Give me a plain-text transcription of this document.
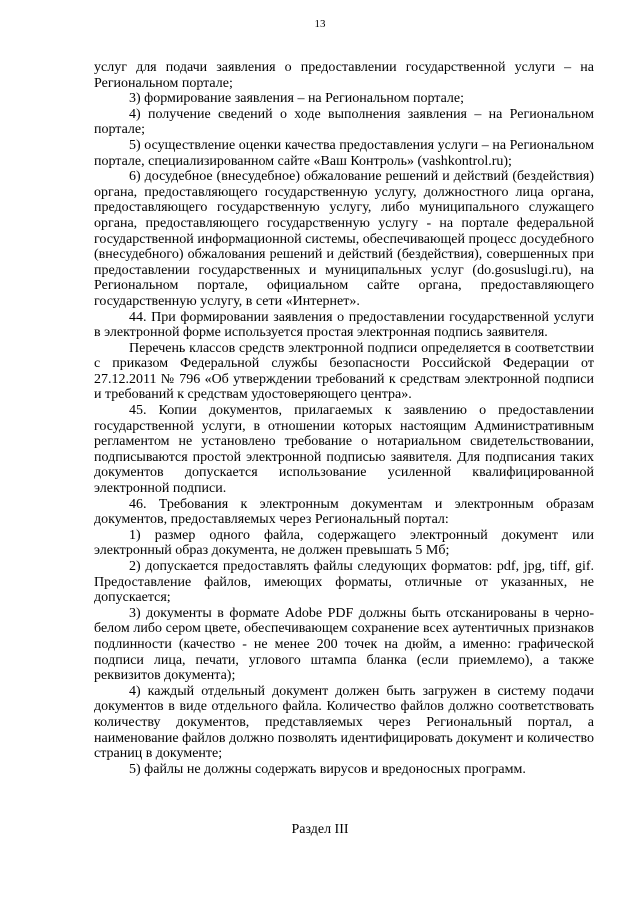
13

услуг для подачи заявления о предоставлении государственной услуги – на Региональном портале;

3) формирование заявления – на Региональном портале;

4) получение сведений о ходе выполнения заявления – на Региональном портале;

5) осуществление оценки качества предоставления услуги – на Региональном портале, специализированном сайте «Ваш Контроль» (vashkontrol.ru);

6) досудебное (внесудебное) обжалование решений и действий (бездействия) органа, предоставляющего государственную услугу, должностного лица органа, предоставляющего государственную услугу, либо муниципального служащего органа, предоставляющего государственную услугу - на портале федеральной государственной информационной системы, обеспечивающей процесс досудебного (внесудебного) обжалования решений и действий (бездействия), совершенных при предоставлении государственных и муниципальных услуг (do.gosuslugi.ru), на Региональном портале, официальном сайте органа, предоставляющего государственную услугу, в сети «Интернет».

44. При формировании заявления о предоставлении государственной услуги в электронной форме используется простая электронная подпись заявителя.

Перечень классов средств электронной подписи определяется в соответствии с приказом Федеральной службы безопасности Российской Федерации от 27.12.2011 № 796 «Об утверждении требований к средствам электронной подписи и требований к средствам удостоверяющего центра».

45. Копии документов, прилагаемых к заявлению о предоставлении государственной услуги, в отношении которых настоящим Административным регламентом не установлено требование о нотариальном свидетельствовании, подписываются простой электронной подписью заявителя. Для подписания таких документов допускается использование усиленной квалифицированной электронной подписи.

46. Требования к электронным документам и электронным образам документов, предоставляемых через Региональный портал:

1) размер одного файла, содержащего электронный документ или электронный образ документа, не должен превышать 5 Мб;

2) допускается предоставлять файлы следующих форматов: pdf, jpg, tiff, gif. Предоставление файлов, имеющих форматы, отличные от указанных, не допускается;

3) документы в формате Adobe PDF должны быть отсканированы в черно-белом либо сером цвете, обеспечивающем сохранение всех аутентичных признаков подлинности (качество - не менее 200 точек на дюйм, а именно: графической подписи лица, печати, углового штампа бланка (если приемлемо), а также реквизитов документа);

4) каждый отдельный документ должен быть загружен в систему подачи документов в виде отдельного файла. Количество файлов должно соответствовать количеству документов, представляемых через Региональный портал, а наименование файлов должно позволять идентифицировать документ и количество страниц в документе;

5) файлы не должны содержать вирусов и вредоносных программ.

Раздел III
